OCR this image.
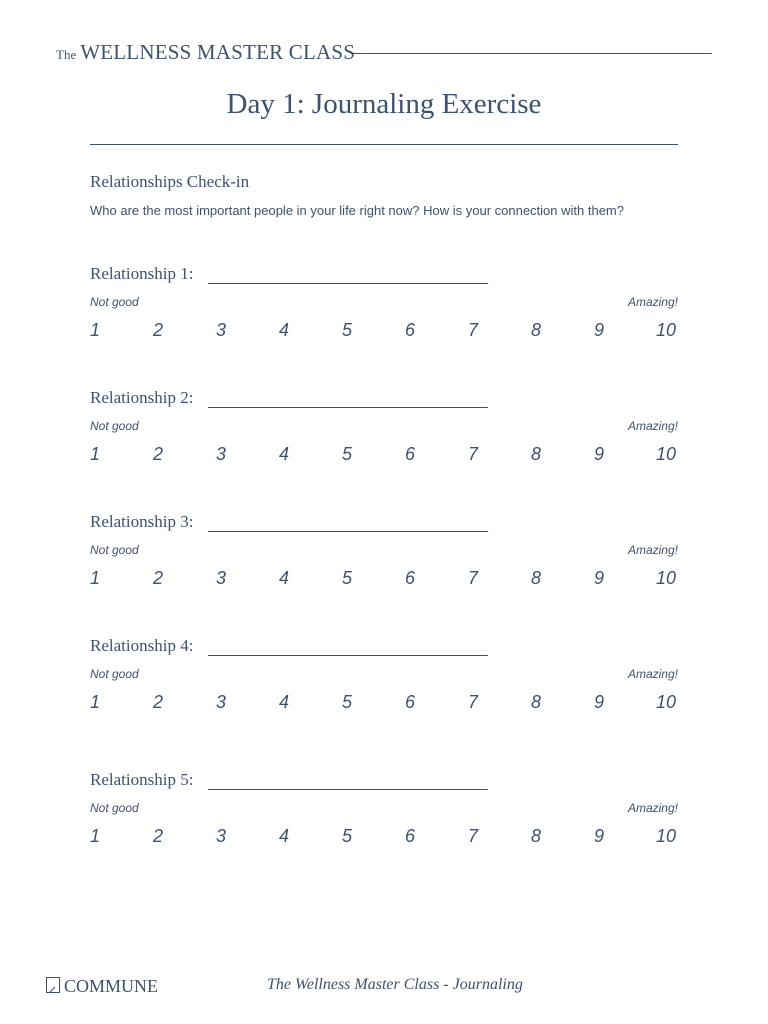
The WELLNESS MASTER CLASS
Day 1: Journaling Exercise
Relationships Check-in

Who are the most important people in your life right now? How is your connection with them?

Relationship 1:
Not good	Amazing!
1	2	3	4	5	6	7	8	9	10
Relationship 2:
Not good	Amazing!
1	2	3	4	5	6	7	8	9	10
Relationship 3:
Not good	Amazing!
1	2	3	4	5	6	7	8	9	10
Relationship 4:
Not good	Amazing!
1	2	3	4	5	6	7	8	9	10
Relationship 5:
Not good	Amazing!
1	2	3	4	5	6	7	8	9	10
COMMUNE	The Wellness Master Class - Journaling
